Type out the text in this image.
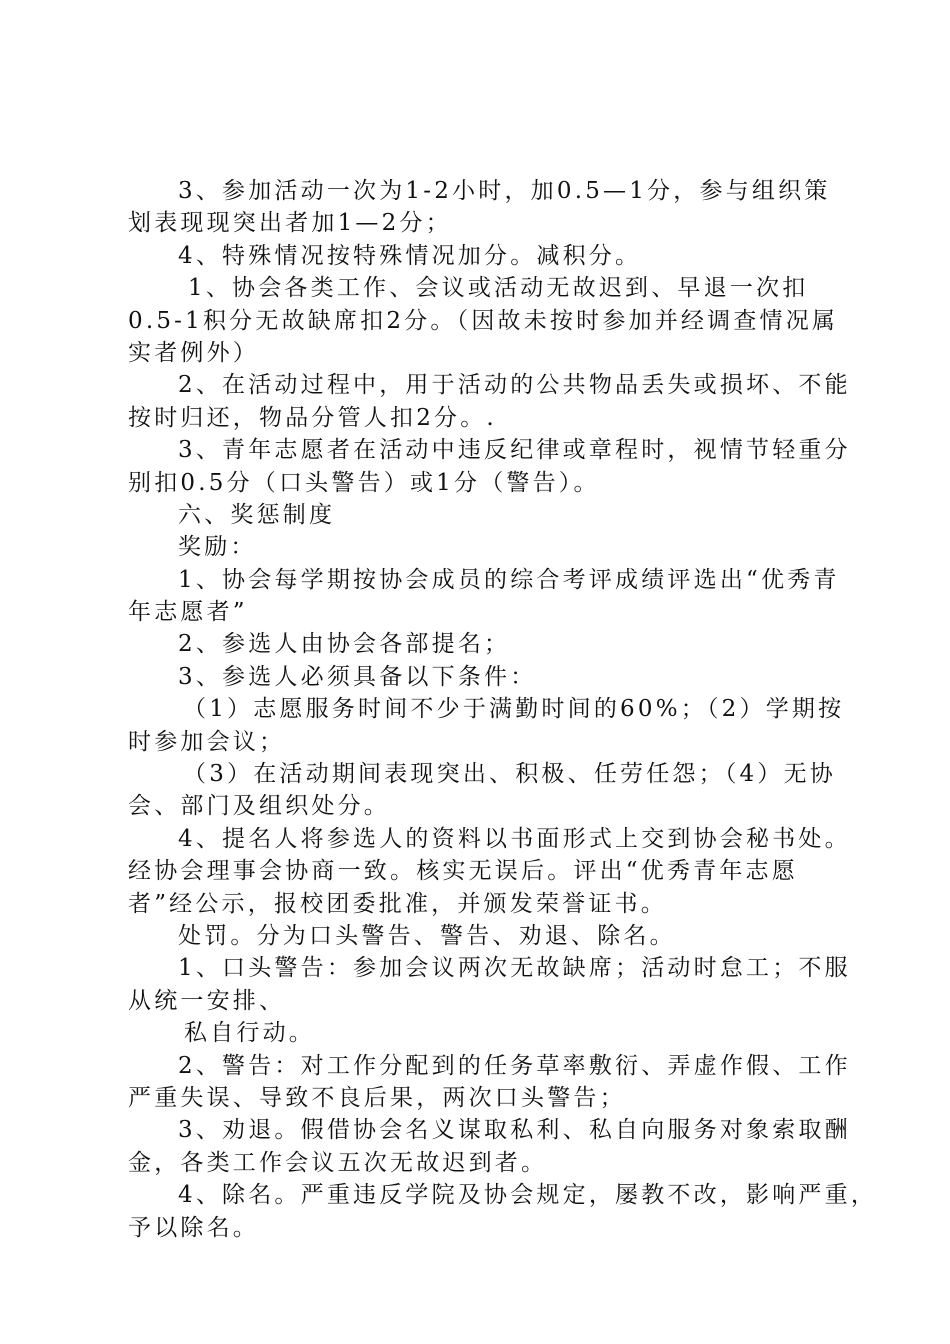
3、参加活动一次为1-2小时，加0.5—1分，参与组织策
划表现现突出者加1—2分；
4、特殊情况按特殊情况加分。减积分。
1、协会各类工作、会议或活动无故迟到、早退一次扣
0.5-1积分无故缺席扣2分。（因故未按时参加并经调查情况属
实者例外）
2、在活动过程中，用于活动的公共物品丢失或损坏、不能
按时归还，物品分管人扣2分。.
3、青年志愿者在活动中违反纪律或章程时，视情节轻重分
别扣0.5分（口头警告）或1分（警告）。
六、奖惩制度
奖励：
1、协会每学期按协会成员的综合考评成绩评选出“优秀青
年志愿者”
2、参选人由协会各部提名；
3、参选人必须具备以下条件：
（1）志愿服务时间不少于满勤时间的60%；（2）学期按
时参加会议；
（3）在活动期间表现突出、积极、任劳任怨；（4）无协
会、部门及组织处分。
4、提名人将参选人的资料以书面形式上交到协会秘书处。
经协会理事会协商一致。核实无误后。评出“优秀青年志愿
者”经公示，报校团委批准，并颁发荣誉证书。
处罚。分为口头警告、警告、劝退、除名。
1、口头警告：参加会议两次无故缺席；活动时怠工；不服
从统一安排、
私自行动。
2、警告：对工作分配到的任务草率敷衍、弄虚作假、工作
严重失误、导致不良后果，两次口头警告；
3、劝退。假借协会名义谋取私利、私自向服务对象索取酬
金，各类工作会议五次无故迟到者。
4、除名。严重违反学院及协会规定，屡教不改，影响严重，
予以除名。
